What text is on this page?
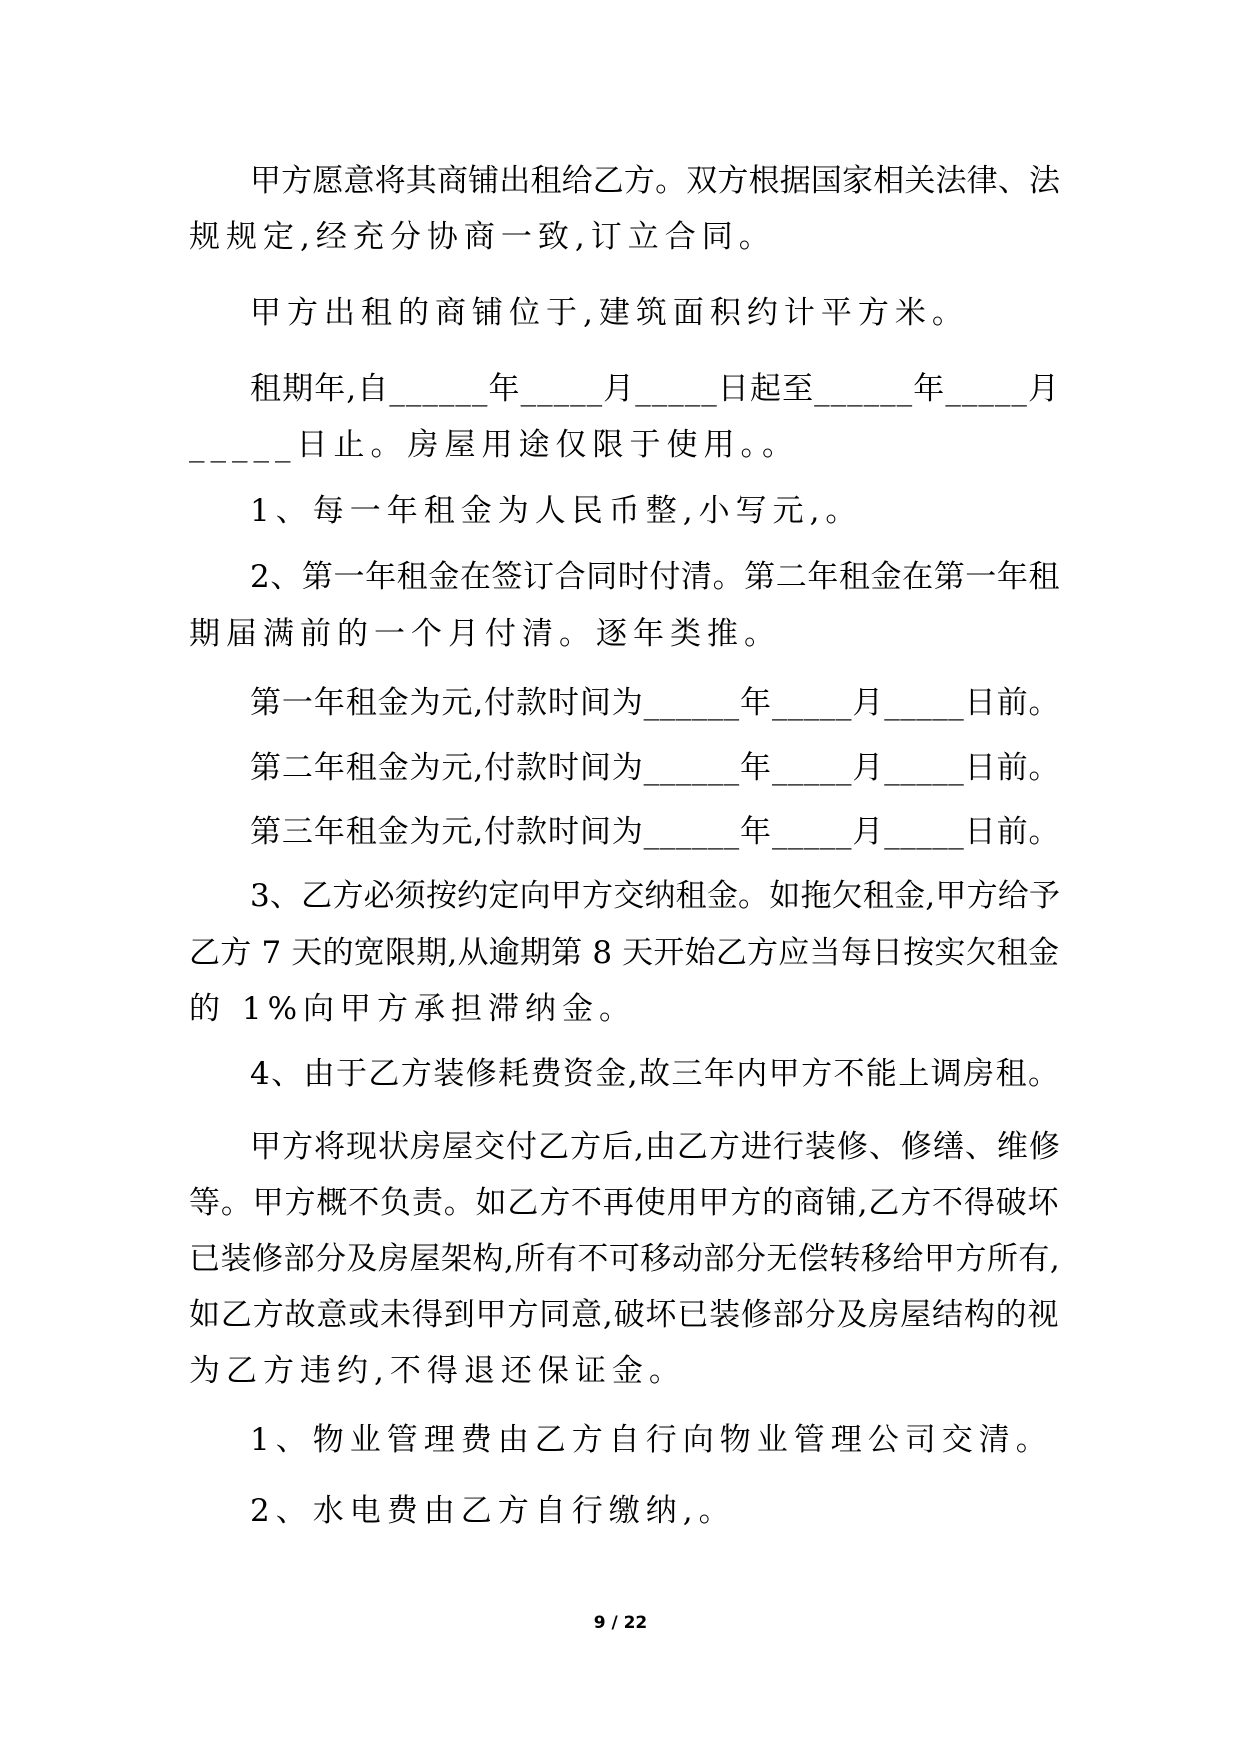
甲方愿意将其商铺出租给乙方。双方根据国家相关法律、法
规规定,经充分协商一致,订立合同。
甲方出租的商铺位于,建筑面积约计平方米。
租期年,自______年_____月_____日起至______年_____月
_____日止。房屋用途仅限于使用。。
1、每一年租金为人民币整,小写元,。
2、第一年租金在签订合同时付清。第二年租金在第一年租
期届满前的一个月付清。逐年类推。
第一年租金为元,付款时间为______年_____月_____日前。
第二年租金为元,付款时间为______年_____月_____日前。
第三年租金为元,付款时间为______年_____月_____日前。
3、乙方必须按约定向甲方交纳租金。如拖欠租金,甲方给予
乙方 7 天的宽限期,从逾期第 8 天开始乙方应当每日按实欠租金
的 1%向甲方承担滞纳金。
4、由于乙方装修耗费资金,故三年内甲方不能上调房租。
甲方将现状房屋交付乙方后,由乙方进行装修、修缮、维修
等。甲方概不负责。如乙方不再使用甲方的商铺,乙方不得破坏
已装修部分及房屋架构,所有不可移动部分无偿转移给甲方所有,
如乙方故意或未得到甲方同意,破坏已装修部分及房屋结构的视
为乙方违约,不得退还保证金。
1、物业管理费由乙方自行向物业管理公司交清。
2、水电费由乙方自行缴纳,。
9 / 22
